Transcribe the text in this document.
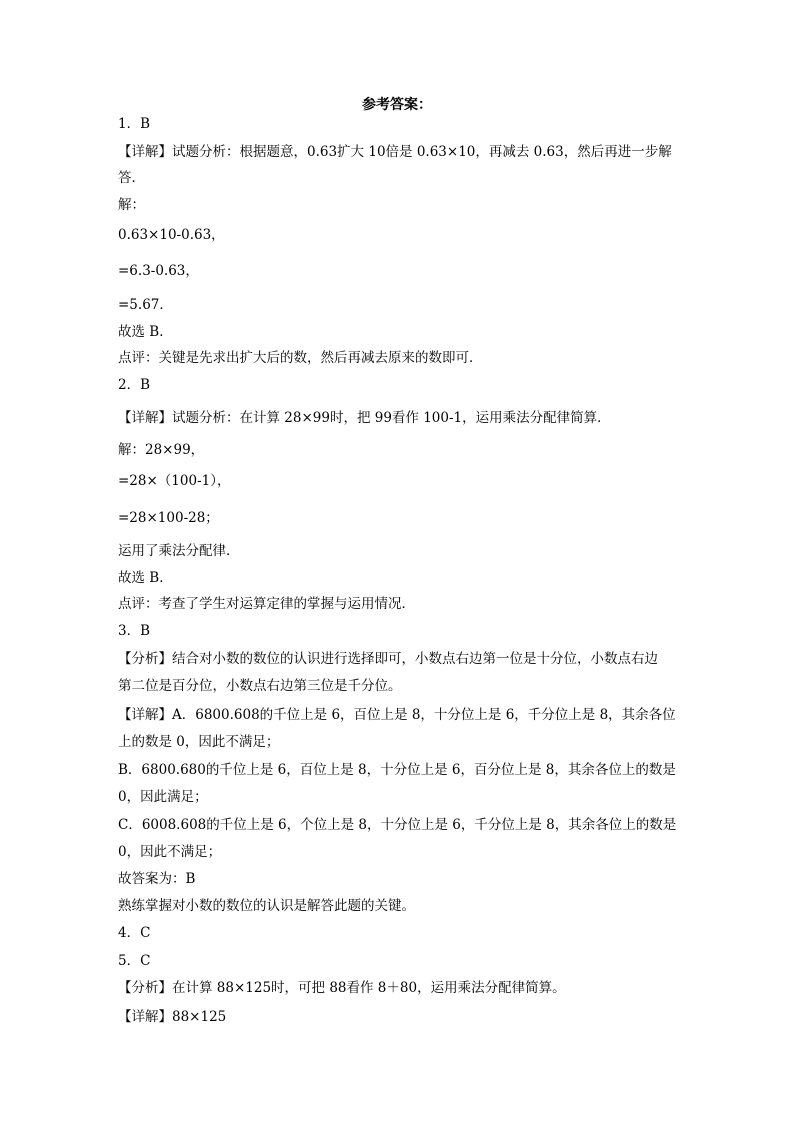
参考答案：
1．B
【详解】试题分析：根据题意，0.63扩大 10倍是 0.63×10，再减去 0.63，然后再进一步解
答．
解：
0.63×10-0.63，
=6.3-0.63，
=5.67．
故选 B．
点评：关键是先求出扩大后的数，然后再减去原来的数即可．
2．B
【详解】试题分析：在计算 28×99时，把 99看作 100-1，运用乘法分配律简算．
解：28×99，
=28×（100-1），
=28×100-28；
运用了乘法分配律．
故选 B．
点评：考查了学生对运算定律的掌握与运用情况．
3．B
【分析】结合对小数的数位的认识进行选择即可，小数点右边第一位是十分位，小数点右边
第二位是百分位，小数点右边第三位是千分位。
【详解】A．6800.608的千位上是 6，百位上是 8，十分位上是 6，千分位上是 8，其余各位
上的数是 0，因此不满足；
B．6800.680的千位上是 6，百位上是 8，十分位上是 6，百分位上是 8，其余各位上的数是
0，因此满足；
C．6008.608的千位上是 6，个位上是 8，十分位上是 6，千分位上是 8，其余各位上的数是
0，因此不满足；
故答案为：B
熟练掌握对小数的数位的认识是解答此题的关键。
4．C
5．C
【分析】在计算 88×125时，可把 88看作 8＋80，运用乘法分配律简算。
【详解】88×125
